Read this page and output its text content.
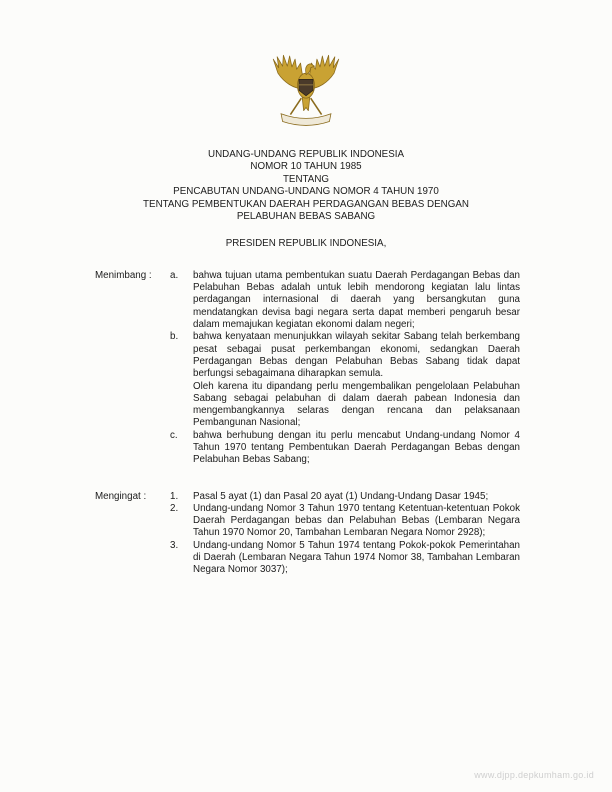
UNDANG-UNDANG REPUBLIK INDONESIA
NOMOR 10 TAHUN 1985
TENTANG
PENCABUTAN UNDANG-UNDANG NOMOR 4 TAHUN 1970
TENTANG PEMBENTUKAN DAERAH PERDAGANGAN BEBAS DENGAN
PELABUHAN BEBAS SABANG
PRESIDEN REPUBLIK INDONESIA,
Menimbang :	a.	bahwa tujuan utama pembentukan suatu Daerah Perdagangan Bebas dan Pelabuhan Bebas adalah untuk lebih mendorong kegiatan lalu lintas perdagangan internasional di daerah yang bersangkutan guna mendatangkan devisa bagi negara serta dapat memberi pengaruh besar dalam memajukan kegiatan ekonomi dalam negeri;

b.	bahwa kenyataan menunjukkan wilayah sekitar Sabang telah berkembang pesat sebagai pusat perkembangan ekonomi, sedangkan Daerah Perdagangan Bebas dengan Pelabuhan Bebas Sabang tidak dapat berfungsi sebagaimana diharapkan semula.

Oleh karena itu dipandang perlu mengembalikan pengelolaan Pelabuhan Sabang sebagai pelabuhan di dalam daerah pabean Indonesia dan mengembangkannya selaras dengan rencana dan pelaksanaan Pembangunan Nasional;

c.	bahwa berhubung dengan itu perlu mencabut Undang-undang Nomor 4 Tahun 1970 tentang Pembentukan Daerah Perdagangan Bebas dengan Pelabuhan Bebas Sabang;

Mengingat :	1.	Pasal 5 ayat (1) dan Pasal 20 ayat (1) Undang-Undang Dasar 1945;

2.	Undang-undang Nomor 3 Tahun 1970 tentang Ketentuan-ketentuan Pokok Daerah Perdagangan bebas dan Pelabuhan Bebas (Lembaran Negara Tahun 1970 Nomor 20, Tambahan Lembaran Negara Nomor 2928);

3.	Undang-undang Nomor 5 Tahun 1974 tentang Pokok-pokok Pemerintahan di Daerah (Lembaran Negara Tahun 1974 Nomor 38, Tambahan Lembaran Negara Nomor 3037);

www.djpp.depkumham.go.id
